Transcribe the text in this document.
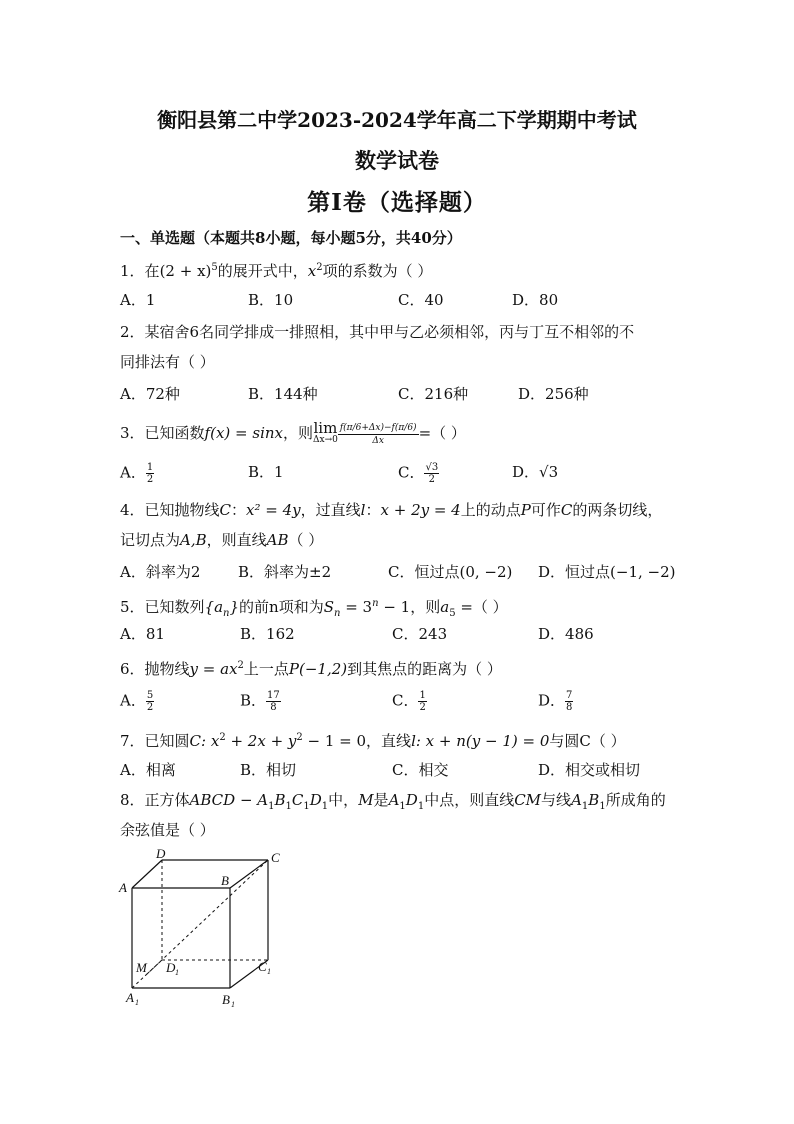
衡阳县第二中学2023-2024学年高二下学期期中考试
数学试卷
第Ⅰ卷（选择题）
一、单选题（本题共8小题，每小题5分，共40分）
1．在$(2 + x)^5$的展开式中，$x^2$项的系数为（ ）
A．1	B．10	C．40	D．80
2．某宿舍6名同学排成一排照相，其中甲与乙必须相邻，丙与丁互不相邻的不
同排法有（ ）
A．72种	B．144种	C．216种	D．256种
3．已知函数f(x) = sinx，则 lim
$\Delta x\to 0 \frac{f(\pi/6+\Delta x)-f(\pi/6)}{\Delta x}$ =（ ）
A． $\frac{1}{2}$	B．1	C． $\frac{√3}{2}$	D．√3
4．已知抛物线C：x² = 4y，过直线l：x + 2y = 4上的动点P可作C的两条切线，
记切点为A,B，则直线AB（ ）
A．斜率为2	B．斜率为±2	C．恒过点(0, −2) D．恒过点(−1, −2)
5．已知数列$\{a_n\}$的前n项和为$S_n = 3^n - 1$，则$a_5$ =（ ）
A．81	B．162	C．243	D．486
6．抛物线$y = ax^2$上一点P(−1,2)到其焦点的距离为（ ）
A． $\frac{5}{2}$	B． $\frac{17}{8}$	C． $\frac{1}{2}$	D． $\frac{7}{8}$
7．已知圆C: $x^2 + 2x + y^2 - 1 = 0$，直线l: x + n(y − 1) = 0与圆C（ ）
A．相离	B．相切	C．相交	D．相交或相切
8．正方体ABCD − $A_1B_1C_1D_1$中，M是$A_1D_1$中点，则直线CM与线$A_1B_1$所成角的
余弦值是（ ）
D	C
A	B
M D 1	C 1
A 1	B 1
